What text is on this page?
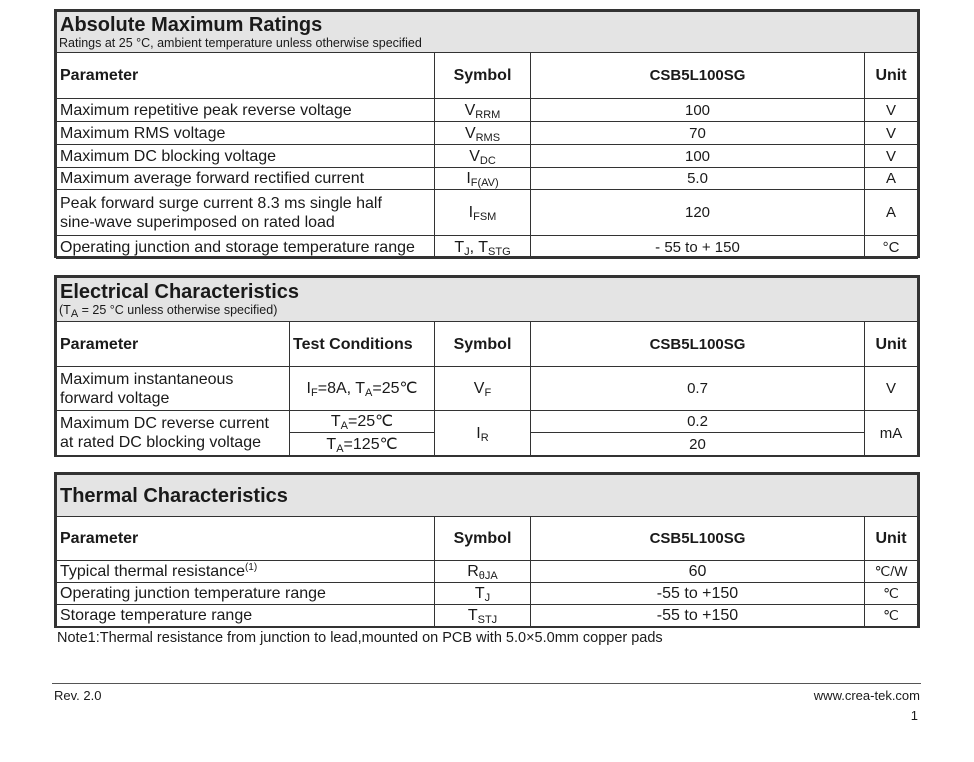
Absolute Maximum Ratings
Ratings at 25 °C, ambient temperature unless otherwise specified			

Parameter	Symbol	CSB5L100SG	Unit
Maximum repetitive peak reverse voltage	$V_{RRM}$	100	V
Maximum RMS voltage	$V_{RMS}$	70	V
Maximum DC blocking voltage	$V_{DC}$	100	V
Maximum average forward rectified current	$I_{F(AV)}$	5.0	A

Peak forward surge current 8.3 ms single half
sine-wave superimposed on rated load	$I_{FSM}$	120	A
Operating junction and storage temperature range	$T_J$, $T_{STG}$	- 55 to + 150	°C
Electrical Characteristics
($T_A = 25$ °C unless otherwise specified)				

Parameter	Test Conditions	Symbol	CSB5L100SG	Unit

Maximum instantaneous
forward voltage	$I_F=8A$, $T_A=25℃$	$V_F$	0.7	V

Maximum DC reverse current
at rated DC blocking voltage	$T_A=25℃$	$I_R$	0.2	mA
	$T_A=125℃$		20	
Thermal Characteristics			

Parameter	Symbol	CSB5L100SG	Unit
Typical thermal resistance$^{(1)}$	$R_{\theta JA}$	60	℃/W
Operating junction temperature range	$T_J$	-55 to +150	℃
Storage temperature range	$T_{STJ}$	-55 to +150	℃
Note1:Thermal resistance from junction to lead,mounted on PCB with 5.0×5.0mm copper pads
Rev. 2.0	www.crea-tek.com
1
